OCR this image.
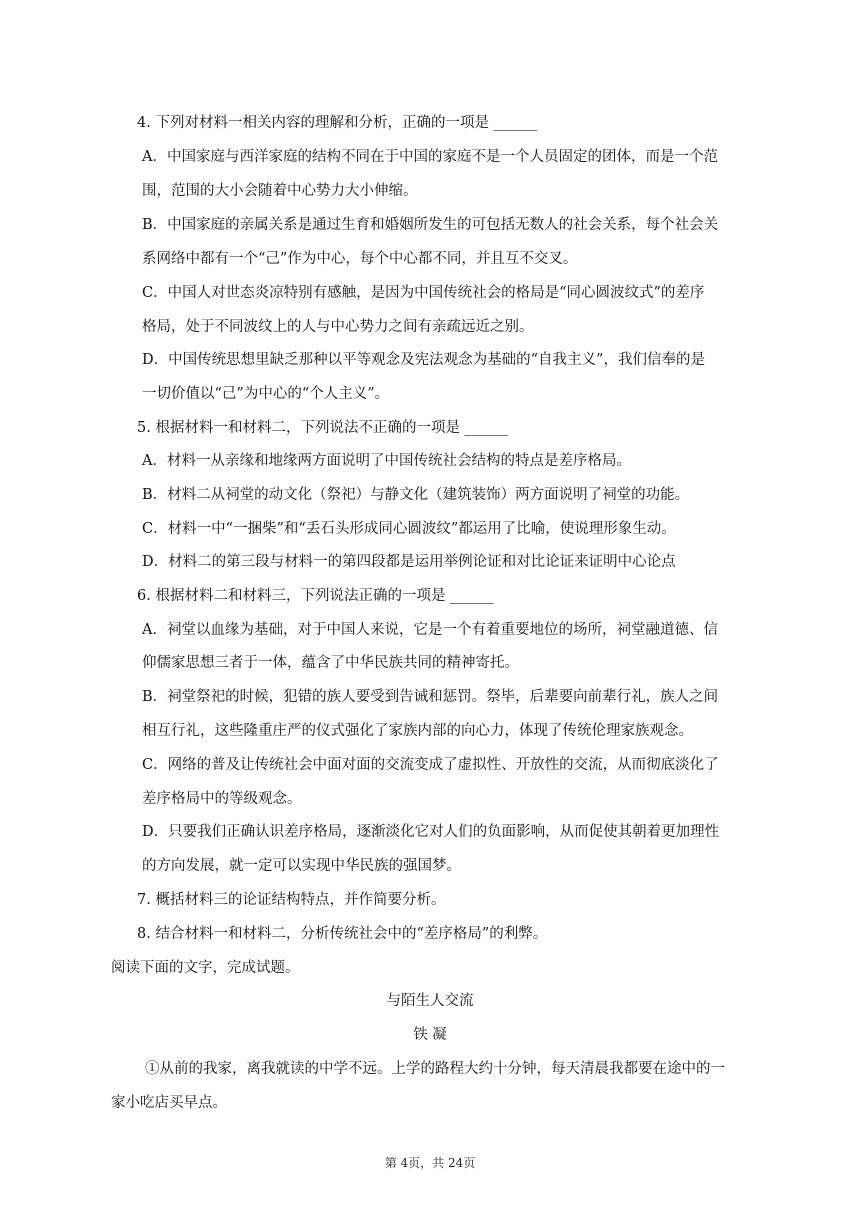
4. 下列对材料一相关内容的理解和分析，正确的一项是 ______
A．中国家庭与西洋家庭的结构不同在于中国的家庭不是一个人员固定的团体，而是一个范
围，范围的大小会随着中心势力大小伸缩。
B．中国家庭的亲属关系是通过生育和婚姻所发生的可包括无数人的社会关系，每个社会关
系网络中都有一个“己”作为中心，每个中心都不同，并且互不交叉。
C．中国人对世态炎凉特别有感触，是因为中国传统社会的格局是“同心圆波纹式”的差序
格局，处于不同波纹上的人与中心势力之间有亲疏远近之别。
D．中国传统思想里缺乏那种以平等观念及宪法观念为基础的“自我主义”，我们信奉的是
一切价值以“己”为中心的“个人主义”。
5. 根据材料一和材料二，下列说法不正确的一项是 ______
A．材料一从亲缘和地缘两方面说明了中国传统社会结构的特点是差序格局。
B．材料二从祠堂的动文化（祭祀）与静文化（建筑装饰）两方面说明了祠堂的功能。
C．材料一中“一捆柴”和“丢石头形成同心圆波纹”都运用了比喻，使说理形象生动。
D．材料二的第三段与材料一的第四段都是运用举例论证和对比论证来证明中心论点
6. 根据材料二和材料三，下列说法正确的一项是 ______
A．祠堂以血缘为基础，对于中国人来说，它是一个有着重要地位的场所，祠堂融道德、信
仰儒家思想三者于一体，蕴含了中华民族共同的精神寄托。
B．祠堂祭祀的时候，犯错的族人要受到告诫和惩罚。祭毕，后辈要向前辈行礼，族人之间
相互行礼，这些隆重庄严的仪式强化了家族内部的向心力，体现了传统伦理家族观念。
C．网络的普及让传统社会中面对面的交流变成了虚拟性、开放性的交流，从而彻底淡化了
差序格局中的等级观念。
D．只要我们正确认识差序格局，逐渐淡化它对人们的负面影响，从而促使其朝着更加理性
的方向发展，就一定可以实现中华民族的强国梦。
7. 概括材料三的论证结构特点，并作简要分析。
8. 结合材料一和材料二，分析传统社会中的“差序格局”的利弊。
阅读下面的文字，完成试题。
与陌生人交流
铁 凝
①从前的我家，离我就读的中学不远。上学的路程大约十分钟，每天清晨我都要在途中的一
家小吃店买早点。
第 4页，共 24页
